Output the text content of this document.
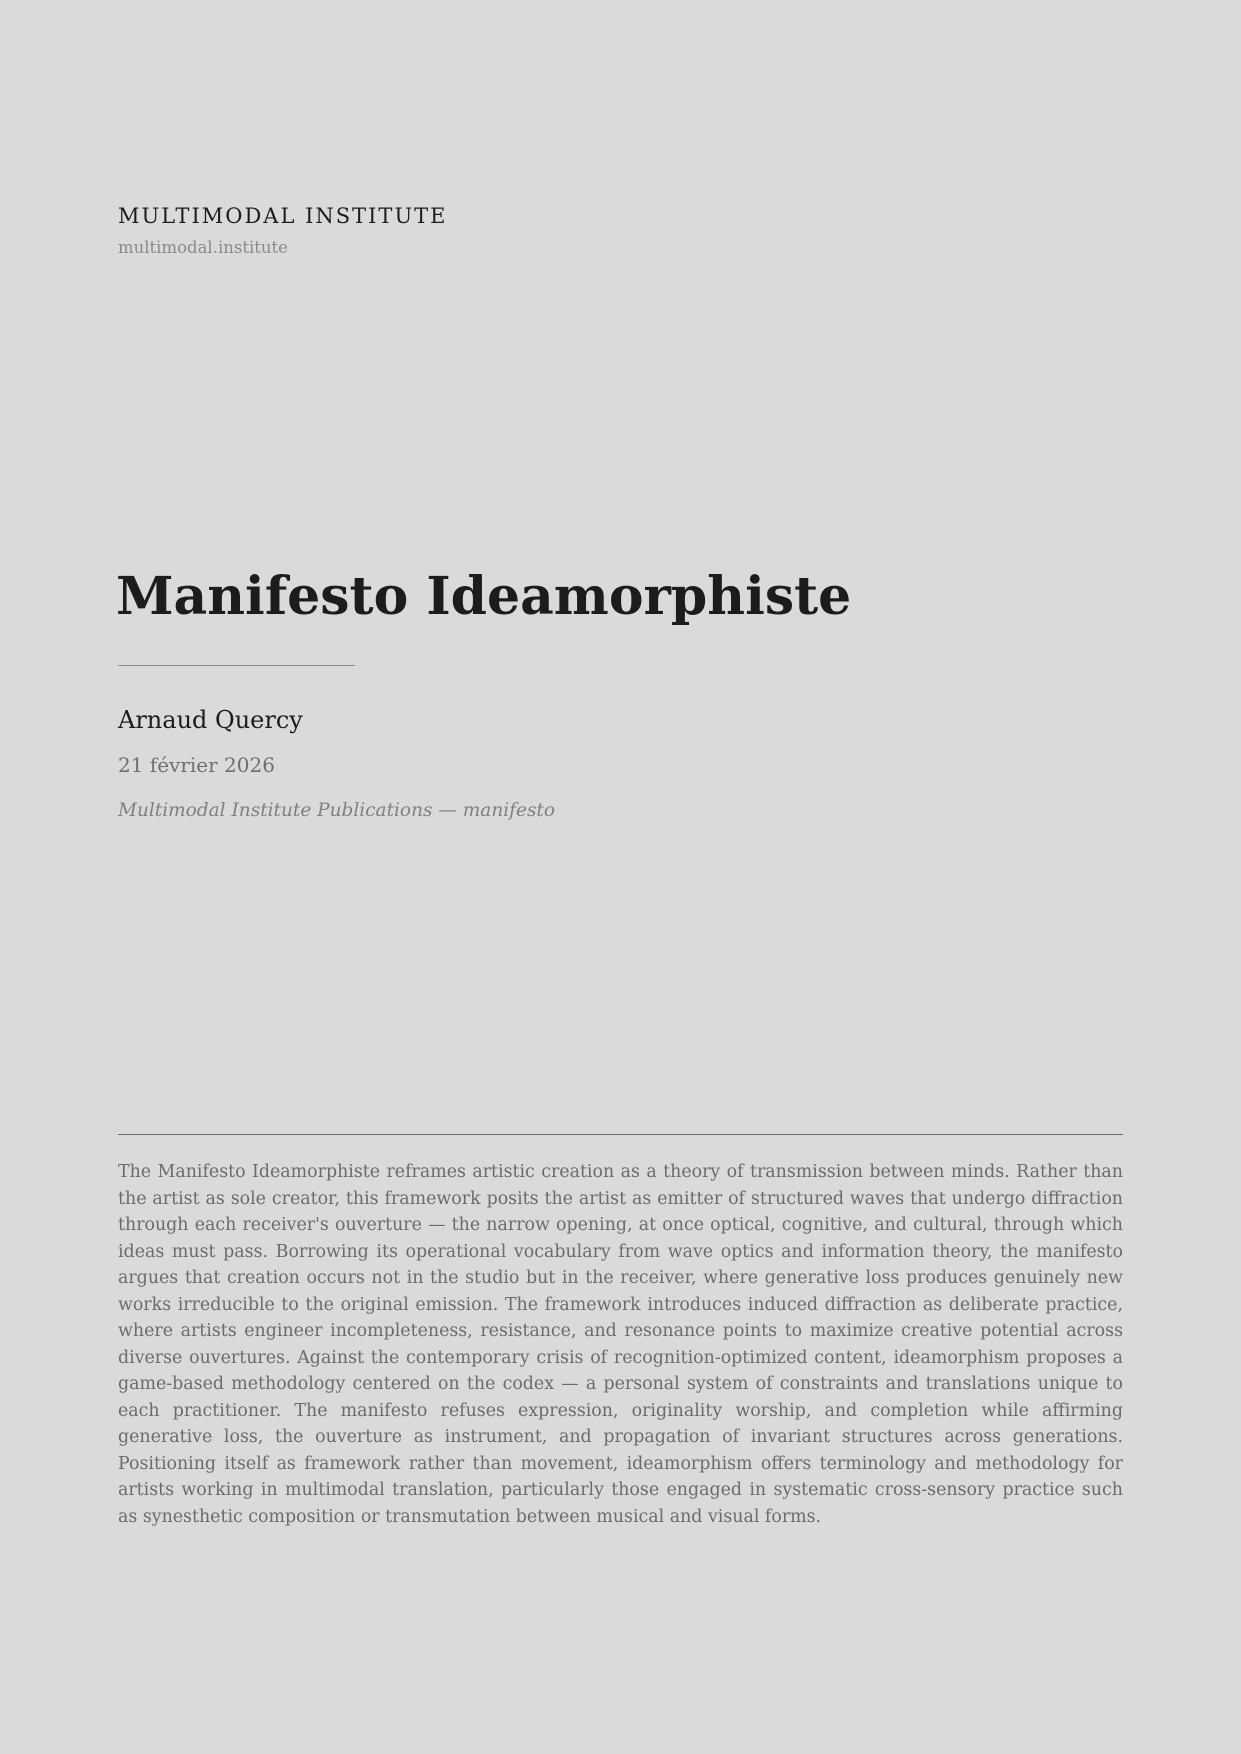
MULTIMODAL INSTITUTE
multimodal.institute
Manifesto Ideamorphiste
Arnaud Quercy
21 février 2026
Multimodal Institute Publications — manifesto

The Manifesto Ideamorphiste reframes artistic creation as a theory of transmission between minds. Rather than the artist as sole creator, this framework posits the artist as emitter of structured waves that undergo diffraction through each receiver's ouverture — the narrow opening, at once optical, cognitive, and cultural, through which ideas must pass. Borrowing its operational vocabulary from wave optics and information theory, the manifesto argues that creation occurs not in the studio but in the receiver, where generative loss produces genuinely new works irreducible to the original emission. The framework introduces induced diffraction as deliberate practice, where artists engineer incompleteness, resistance, and resonance points to maximize creative potential across diverse ouvertures. Against the contemporary crisis of recognition-optimized content, ideamorphism proposes a game-based methodology centered on the codex — a personal system of constraints and translations unique to each practitioner. The manifesto refuses expression, originality worship, and completion while affirming generative loss, the ouverture as instrument, and propagation of invariant structures across generations. Positioning itself as framework rather than movement, ideamorphism offers terminology and methodology for artists working in multimodal translation, particularly those engaged in systematic cross-sensory practice such as synesthetic composition or transmutation between musical and visual forms.
